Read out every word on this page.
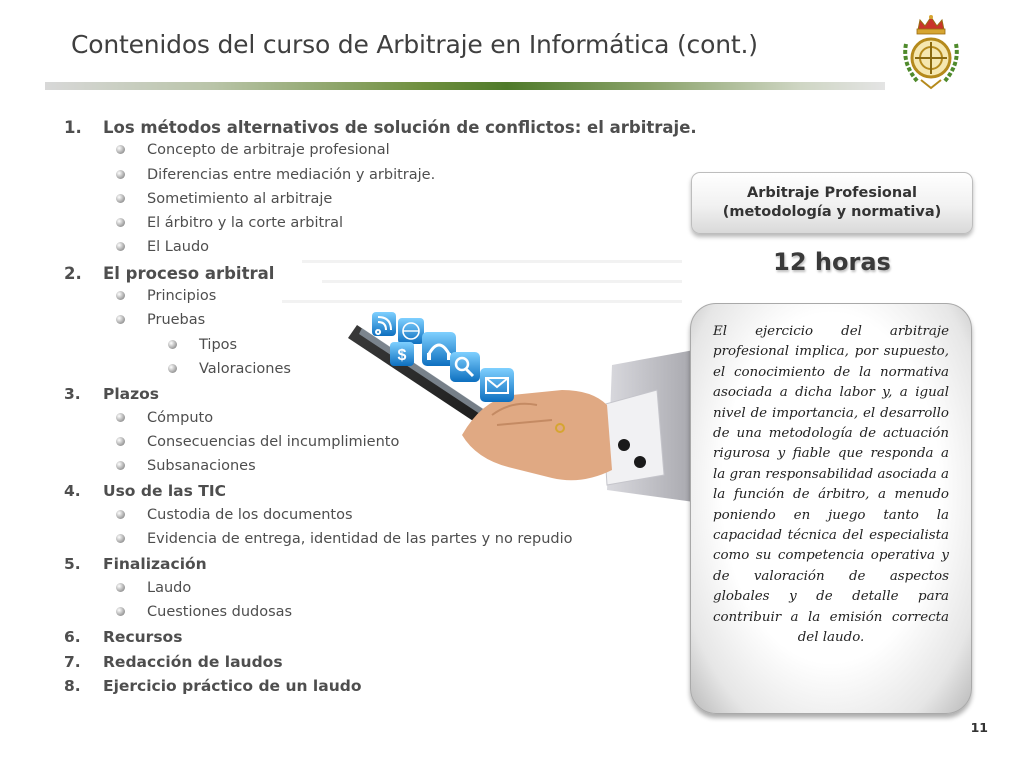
Contenidos del curso de Arbitraje en Informática (cont.)
$
1. Los métodos alternativos de solución de conflictos: el arbitraje.
Concepto de arbitraje profesional
Diferencias entre mediación y arbitraje.
Sometimiento al arbitraje
El árbitro y la corte arbitral
El Laudo
2. El proceso arbitral
Principios
Pruebas
Tipos
Valoraciones
3. Plazos
Cómputo
Consecuencias del incumplimiento
Subsanaciones
4. Uso de las TIC
Custodia de los documentos
Evidencia de entrega, identidad de las partes y no repudio
5. Finalización
Laudo
Cuestiones dudosas
6. Recursos
7. Redacción de laudos
8. Ejercicio práctico de un laudo
Arbitraje Profesional
(metodología y normativa)
12 horas
El ejercicio del arbitraje profesional implica, por supuesto, el conocimiento de la normativa asociada a dicha labor y, a igual nivel de importancia, el desarrollo de una metodología de actuación rigurosa y fiable que responda a la gran responsabilidad asociada a la función de árbitro, a menudo poniendo en juego tanto la capacidad técnica del especialista como su competencia operativa y de valoración de aspectos globales y de detalle para contribuir a la emisión correcta del laudo.
11
